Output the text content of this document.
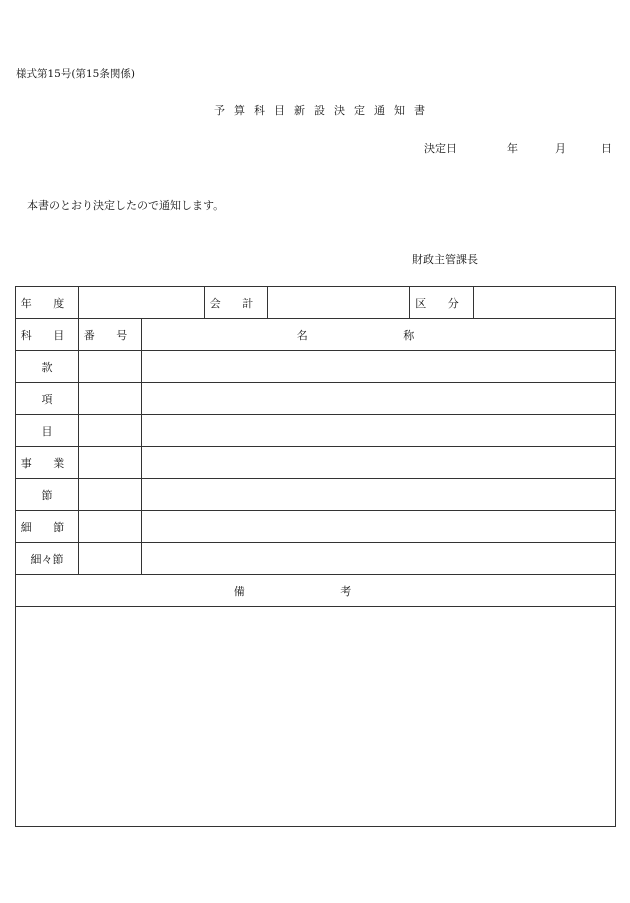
様式第15号(第15条関係)
予算科目新設決定通知書
決定日	年	月	日
本書のとおり決定したので通知します。
財政主管課長
年 度			会 計		区 分	
科 目	番 号	名 称				
款						
項						
目						
事 業						
節						
細 節						
細々節						
備 考						
